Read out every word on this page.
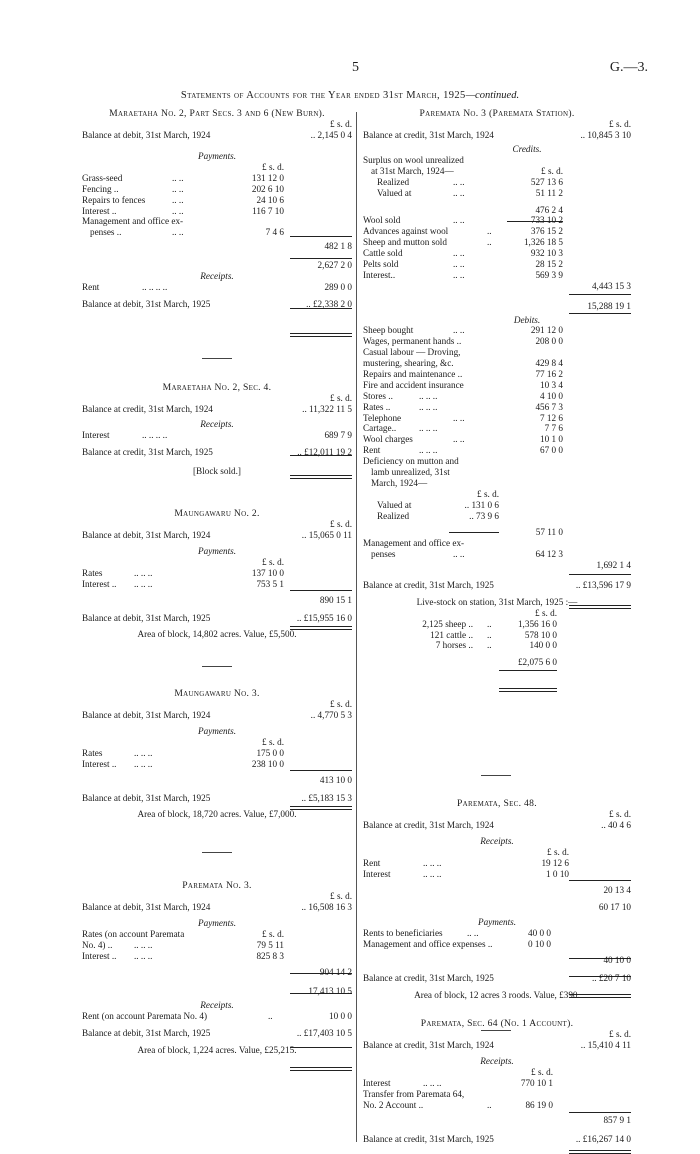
5	G.—3.
Statements of Accounts for the Year ended 31st March, 1925—continued.
Maraetaha No. 2, Part Secs. 3 and 6 (New Burn).
£ s. d.
Balance at debit, 31st March, 1924	.. 2,145 0 4
Payments.
£ s. d.
Grass-seed	.. ..	131 12 0
Fencing ..	.. ..	202 6 10
Repairs to fences	.. ..	24 10 6
Interest ..	.. ..	116 7 10
Management and office ex-
penses ..	.. ..	7 4 6
482 1 8
2,627 2 0
Receipts.
Rent	.. .. .. ..	289 0 0
Balance at debit, 31st March, 1925	.. £2,338 2 0
Maraetaha No. 2, Sec. 4.
£ s. d.
Balance at credit, 31st March, 1924	.. 11,322 11 5
Receipts.
Interest	.. .. .. ..	689 7 9
Balance at credit, 31st March, 1925	.. £12,011 19 2
[Block sold.]
Maungawaru No. 2.
£ s. d.
Balance at debit, 31st March, 1924	.. 15,065 0 11
Payments.
£ s. d.
Rates	.. .. ..	137 10 0
Interest .. .. .. ..	753 5 1
890 15 1
Balance at debit, 31st March, 1925	.. £15,955 16 0
Area of block, 14,802 acres. Value, £5,500.
Maungawaru No. 3.
£ s. d.
Balance at debit, 31st March, 1924	.. 4,770 5 3
Payments.
£ s. d.
Rates	.. .. ..	175 0 0
Interest .. .. .. ..	238 10 0
413 10 0
Balance at debit, 31st March, 1925	.. £5,183 15 3
Area of block, 18,720 acres. Value, £7,000.
Paremata No. 3.
£ s. d.
Balance at debit, 31st March, 1924	.. 16,508 16 3
Payments.
Rates (on account Paremata	£ s. d.
No. 4) .. .. .. ..	79 5 11
Interest .. .. .. ..	825 8 3
904 14 2
17,413 10 5
Receipts.
Rent (on account Paremata No. 4)	..	10 0 0
Balance at debit, 31st March, 1925	.. £17,403 10 5
Area of block, 1,224 acres. Value, £25,215.
Paremata No. 3 (Paremata Station).
£ s. d.
Balance at credit, 31st March, 1924	.. 10,845 3 10
Credits.
Surplus on wool unrealized
at 31st March, 1924—	£ s. d.
Realized	.. ..	527 13 6
Valued at	.. ..	51 11 2
476 2 4
Wool sold	.. ..	733 10 2
Advances against wool	..	376 15 2
Sheep and mutton sold	..	1,326 18 5
Cattle sold	.. ..	932 10 3
Pelts sold	.. ..	28 15 2
Interest..	.. ..	569 3 9
4,443 15 3
15,288 19 1
Debits.
Sheep bought	.. ..	291 12 0
Wages, permanent hands ..	208 0 0
Casual labour — Droving,
mustering, shearing, &c.	429 8 4
Repairs and maintenance ..	77 16 2
Fire and accident insurance	10 3 4
Stores ..	.. .. ..	4 10 0
Rates ..	.. .. ..	456 7 3
Telephone	.. ..	7 12 6
Cartage.. .. .. ..	7 7 6
Wool charges	.. ..	10 1 0
Rent	.. .. ..	67 0 0
Deficiency on mutton and
lamb unrealized, 31st
March, 1924—
£ s. d.
Valued at	.. 131 0 6
Realized	.. 73 9 6
57 11 0
Management and office ex-
penses	.. ..	64 12 3
1,692 1 4
Balance at credit, 31st March, 1925	.. £13,596 17 9
Live-stock on station, 31st March, 1925 :—
£ s. d.
2,125 sheep .. ..	1,356 16 0
121 cattle .. ..	578 10 0
7 horses .. ..	140 0 0
£2,075 6 0
Paremata, Sec. 48.
£ s. d.
Balance at credit, 31st March, 1924	.. 40 4 6
Receipts.
£ s. d.
Rent	.. .. ..	19 12 6
Interest	.. .. ..	1 0 10
20 13 4
60 17 10
Payments.
Rents to beneficiaries	.. ..	40 0 0
Management and office expenses ..	0 10 0
40 10 0
Balance at credit, 31st March, 1925	.. £20 7 10
Area of block, 12 acres 3 roods. Value, £390.
Paremata, Sec. 64 (No. 1 Account).
£ s. d.
Balance at credit, 31st March, 1924	.. 15,410 4 11
Receipts.
£ s. d.
Interest	.. .. ..	770 10 1
Transfer from Paremata 64,
No. 2 Account ..	..	86 19 0
857 9 1
Balance at credit, 31st March, 1925	.. £16,267 14 0
